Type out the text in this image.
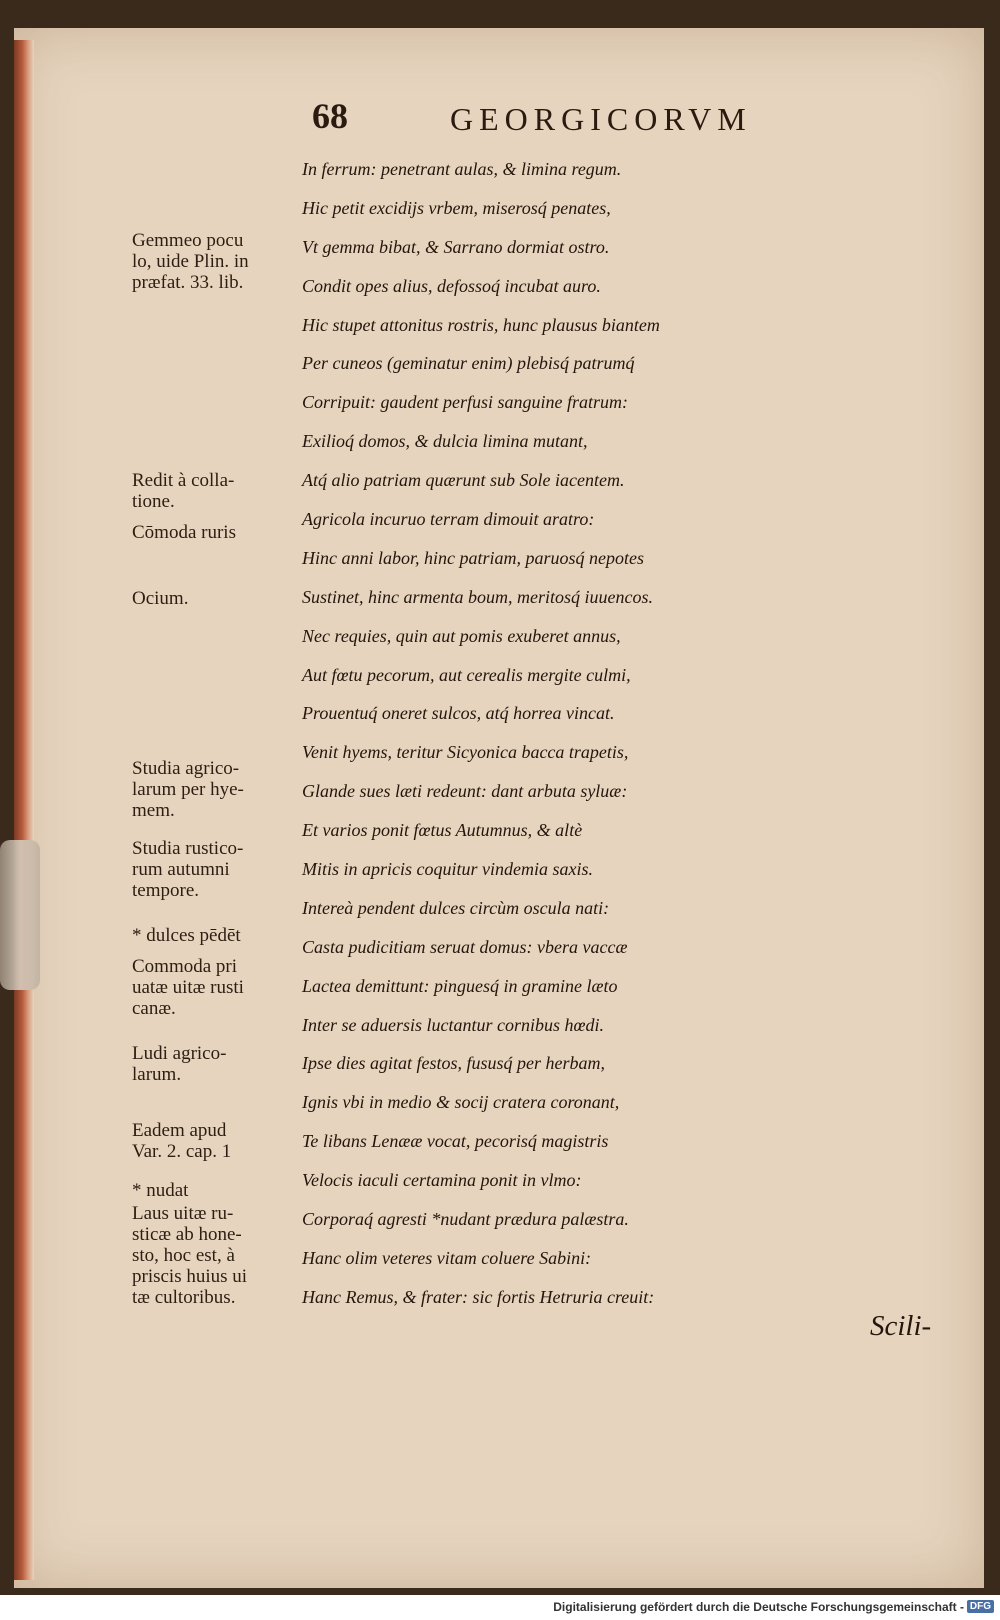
68	GEORGICORVM
In ferrum: penetrant aulas, & limina regum.
Hic petit excidijs vrbem, miserosq́ penates,
Vt gemma bibat, & Sarrano dormiat ostro.
Condit opes alius, defossoq́ incubat auro.
Hic stupet attonitus rostris, hunc plausus biantem
Per cuneos (geminatur enim) plebisq́ patrumq́
Corripuit: gaudent perfusi sanguine fratrum:
Exilioq́ domos, & dulcia limina mutant,
Atq́ alio patriam quærunt sub Sole iacentem.
Agricola incuruo terram dimouit aratro:
Hinc anni labor, hinc patriam, paruosq́ nepotes
Sustinet, hinc armenta boum, meritosq́ iuuencos.
Nec requies, quin aut pomis exuberet annus,
Aut fœtu pecorum, aut cerealis mergite culmi,
Prouentuq́ oneret sulcos, atq́ horrea vincat.
Venit hyems, teritur Sicyonica bacca trapetis,
Glande sues læti redeunt: dant arbuta syluæ:
Et varios ponit fœtus Autumnus, & altè
Mitis in apricis coquitur vindemia saxis.
Intereà pendent dulces circùm oscula nati:
Casta pudicitiam seruat domus: vbera vaccæ
Lactea demittunt: pinguesq́ in gramine læto
Inter se aduersis luctantur cornibus hœdi.
Ipse dies agitat festos, fususq́ per herbam,
Ignis vbi in medio & socij cratera coronant,
Te libans Lenææ vocat, pecorisq́ magistris
Velocis iaculi certamina ponit in vlmo:
Corporaq́ agresti *nudant prædura palæstra.
Hanc olim veteres vitam coluere Sabini:
Hanc Remus, & frater: sic fortis Hetruria creuit:
Scili-
Gemmeo pocu
lo, uide Plin. in
præfat. 33. lib.
Redit à colla-
tione.
Cōmoda ruris
Ocium.
Studia agrico-
larum per hye-
mem.
Studia rustico-
rum autumni
tempore.
* dulces pēdēt
Commoda pri
uatæ uitæ rusti
canæ.
Ludi agrico-
larum.
Eadem apud
Var. 2. cap. 1
* nudat
Laus uitæ ru-
sticæ ab hone-
sto, hoc est, à
priscis huius ui
tæ cultoribus.
Digitalisierung gefördert durch die Deutsche Forschungsgemeinschaft - DFG
